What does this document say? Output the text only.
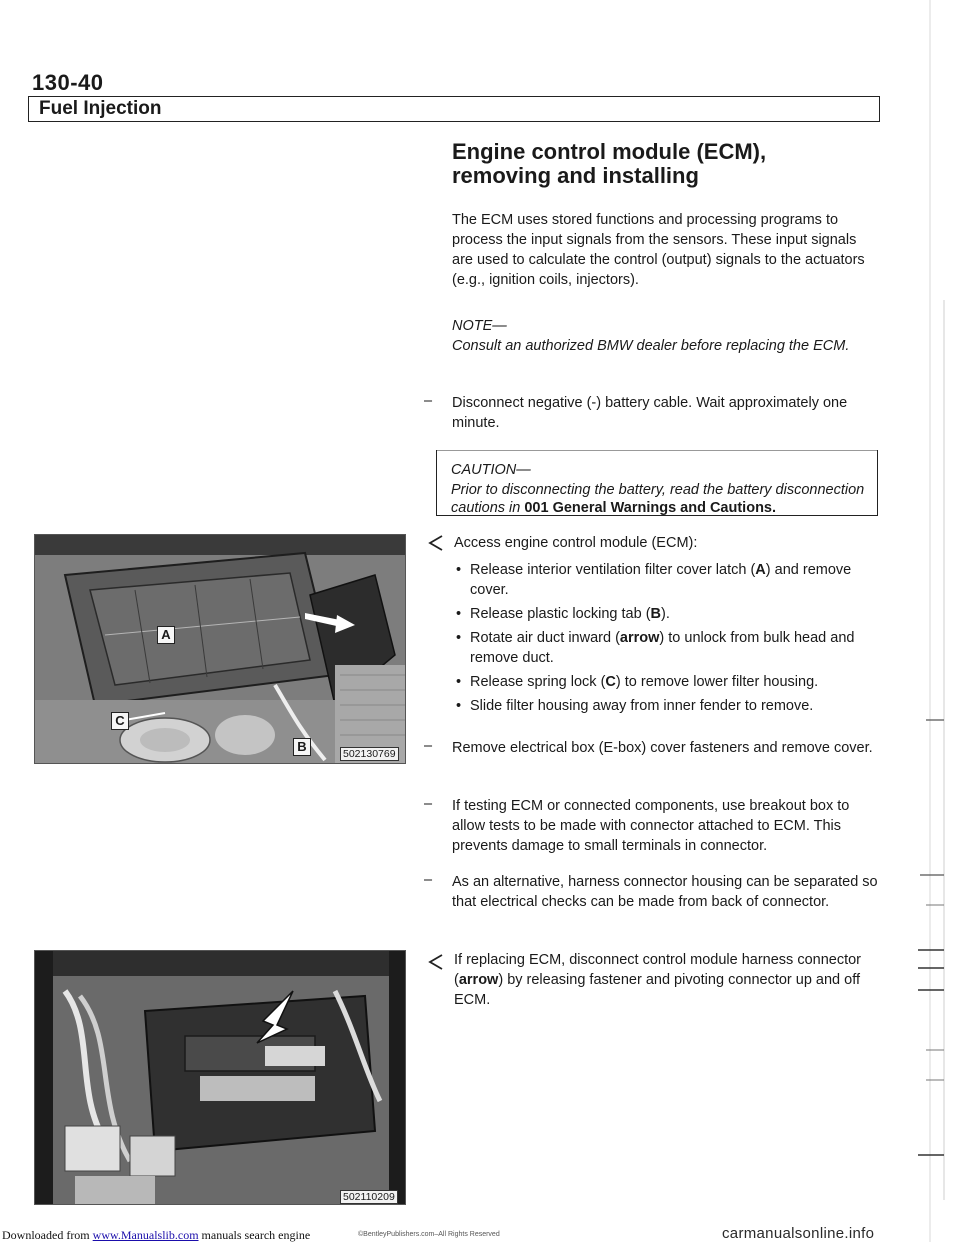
130-40
Fuel Injection
Engine control module (ECM),
removing and installing
The ECM uses stored functions and processing programs to process the input signals from the sensors. These input signals are used to calculate the control (output) signals to the actuators (e.g., ignition coils, injectors).
NOTE—
Consult an authorized BMW dealer before replacing the ECM.
– Disconnect negative (-) battery cable. Wait approximately one minute.
CAUTION—
Prior to disconnecting the battery, read the battery disconnection cautions in 001 General Warnings and Cautions.
A
B
C
502130769
Access engine control module (ECM):
• Release interior ventilation filter cover latch (A) and remove cover.
• Release plastic locking tab (B).
• Rotate air duct inward (arrow) to unlock from bulk head and remove duct.
• Release spring lock (C) to remove lower filter housing.
• Slide filter housing away from inner fender to remove.
– Remove electrical box (E-box) cover fasteners and remove cover.
– If testing ECM or connected components, use breakout box to allow tests to be made with connector attached to ECM. This prevents damage to small terminals in connector.
– As an alternative, harness connector housing can be separated so that electrical checks can be made from back of connector.
502110209
If replacing ECM, disconnect control module harness connector (arrow) by releasing fastener and pivoting connector up and off ECM.
Downloaded from www.Manualslib.com manuals search engine	©BentleyPublishers.com–All Rights Reserved	carmanualsonline.info
